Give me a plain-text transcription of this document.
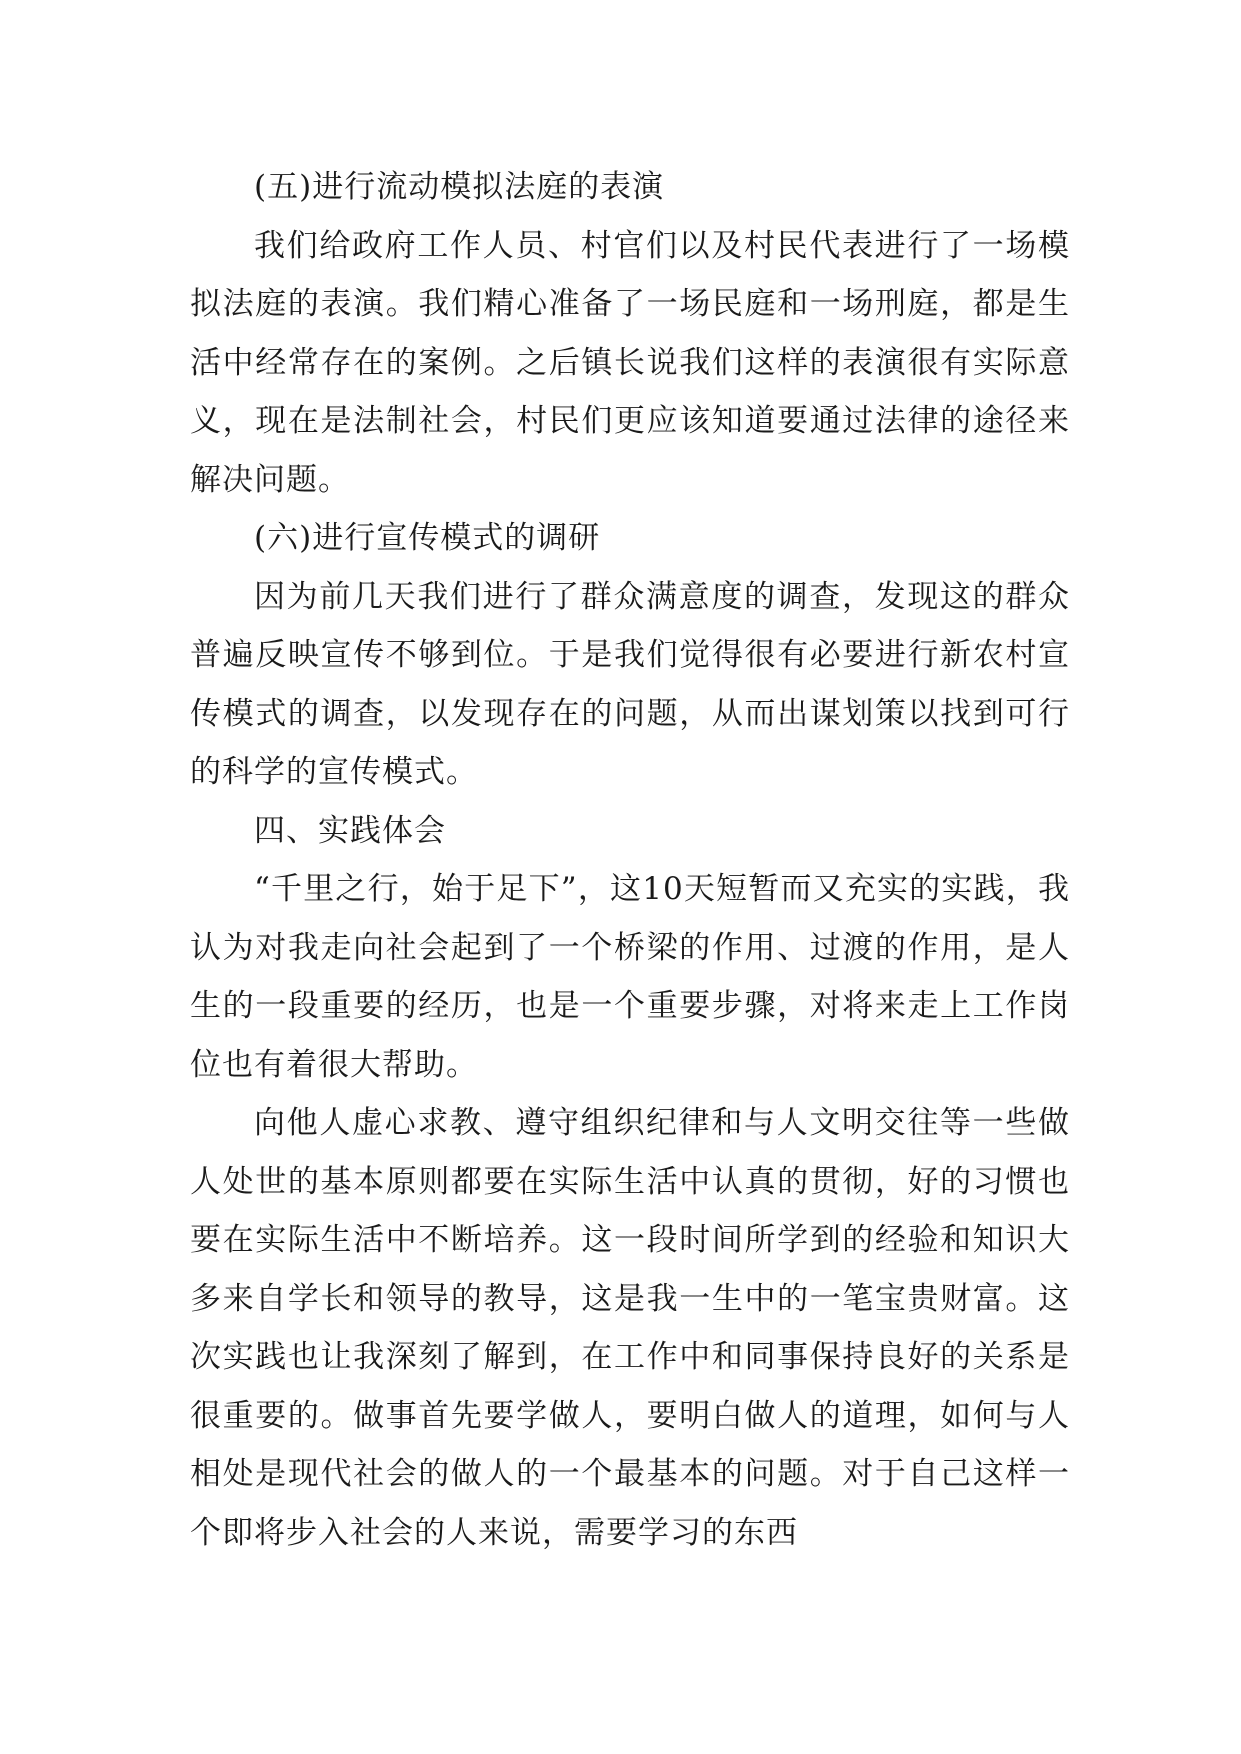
(五)进行流动模拟法庭的表演

我们给政府工作人员、村官们以及村民代表进行了一场模拟法庭的表演。我们精心准备了一场民庭和一场刑庭，都是生活中经常存在的案例。之后镇长说我们这样的表演很有实际意义，现在是法制社会，村民们更应该知道要通过法律的途径来解决问题。

(六)进行宣传模式的调研

因为前几天我们进行了群众满意度的调查，发现这的群众普遍反映宣传不够到位。于是我们觉得很有必要进行新农村宣传模式的调查，以发现存在的问题，从而出谋划策以找到可行的科学的宣传模式。

四、实践体会

“千里之行，始于足下”，这10天短暂而又充实的实践，我认为对我走向社会起到了一个桥梁的作用、过渡的作用，是人生的一段重要的经历，也是一个重要步骤，对将来走上工作岗位也有着很大帮助。

向他人虚心求教、遵守组织纪律和与人文明交往等一些做人处世的基本原则都要在实际生活中认真的贯彻，好的习惯也要在实际生活中不断培养。这一段时间所学到的经验和知识大多来自学长和领导的教导，这是我一生中的一笔宝贵财富。这次实践也让我深刻了解到，在工作中和同事保持良好的关系是很重要的。做事首先要学做人，要明白做人的道理，如何与人相处是现代社会的做人的一个最基本的问题。对于自己这样一个即将步入社会的人来说，需要学习的东西
